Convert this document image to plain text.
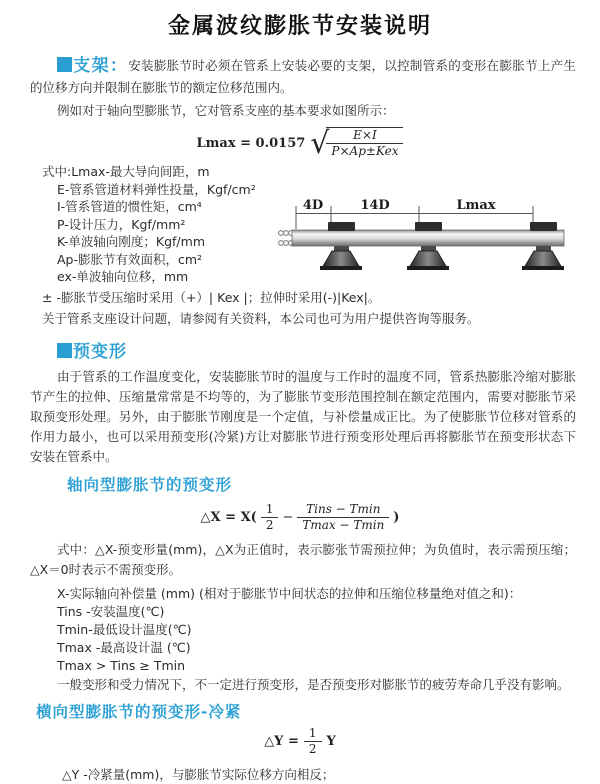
金属波纹膨胀节安装说明

支架：安装膨胀节时必须在管系上安装必要的支架，以控制管系的变形在膨胀节上产生的位移方向并限制在膨胀节的额定位移范围内。

例如对于轴向型膨胀节，它对管系支座的基本要求如图所示：

Lmax = 0.0157 √
$\frac{E\times I}{\text{P×Ap±Kex}}$

式中:Lmax-最大导向间距，m

E-管系管道材料弹性投量，Kgf/cm²

I-管系管道的惯性矩，cm⁴

P-设计压力，Kgf/mm²

K-单波轴向刚度；Kgf/mm

Ap-膨胀节有效面积，cm²

ex-单波轴向位移，mm

± -膨胀节受压缩时采用（+）| Kex |；拉伸时采用(-)|Kex|。

关于管系支座设计问题，请参阅有关资料，本公司也可为用户提供咨询等服务。

预变形

由于管系的工作温度变化，安装膨胀节时的温度与工作时的温度不同，管系热膨胀冷缩对膨胀节产生的拉伸、压缩量常常是不均等的，为了膨胀节变形范围控制在额定范围内，需要对膨胀节采取预变形处理。另外，由于膨胀节刚度是一个定值，与补偿量成正比。为了使膨胀节位移对管系的作用力最小，也可以采用预变形(冷紧)方让对膨胀节进行预变形处理后再将膨胀节在预变形状态下安装在管系中。

轴向型膨胀节的预变形

△X = $X( \frac{1}{2} - \frac{\text{Tins − Tmin}}{Tmax - Tmin}$ )

式中：△X-预变形量(mm)，△X为正值时，表示膨张节需预拉伸；为负值时，表示需预压缩；△X＝0时表示不需预变形。

X-实际轴向补偿量 (mm) (相对于膨胀节中间状态的拉伸和压缩位移量绝对值之和)：

Tins -安装温度(℃)

Tmin-最低设计温度(℃)

Tmax -最高设计温 (℃)

Tmax > Tins ≥ Tmin

一般变形和受力情况下，不一定进行预变形，是否预变形对膨胀节的疲劳寿命几乎没有影响。

横向型膨胀节的预变形-冷紧

△Y = $\frac{1}{2}$ Y

△Y -冷紧量(mm)，与膨胀节实际位移方向相反；

4D	14D	Lmax
